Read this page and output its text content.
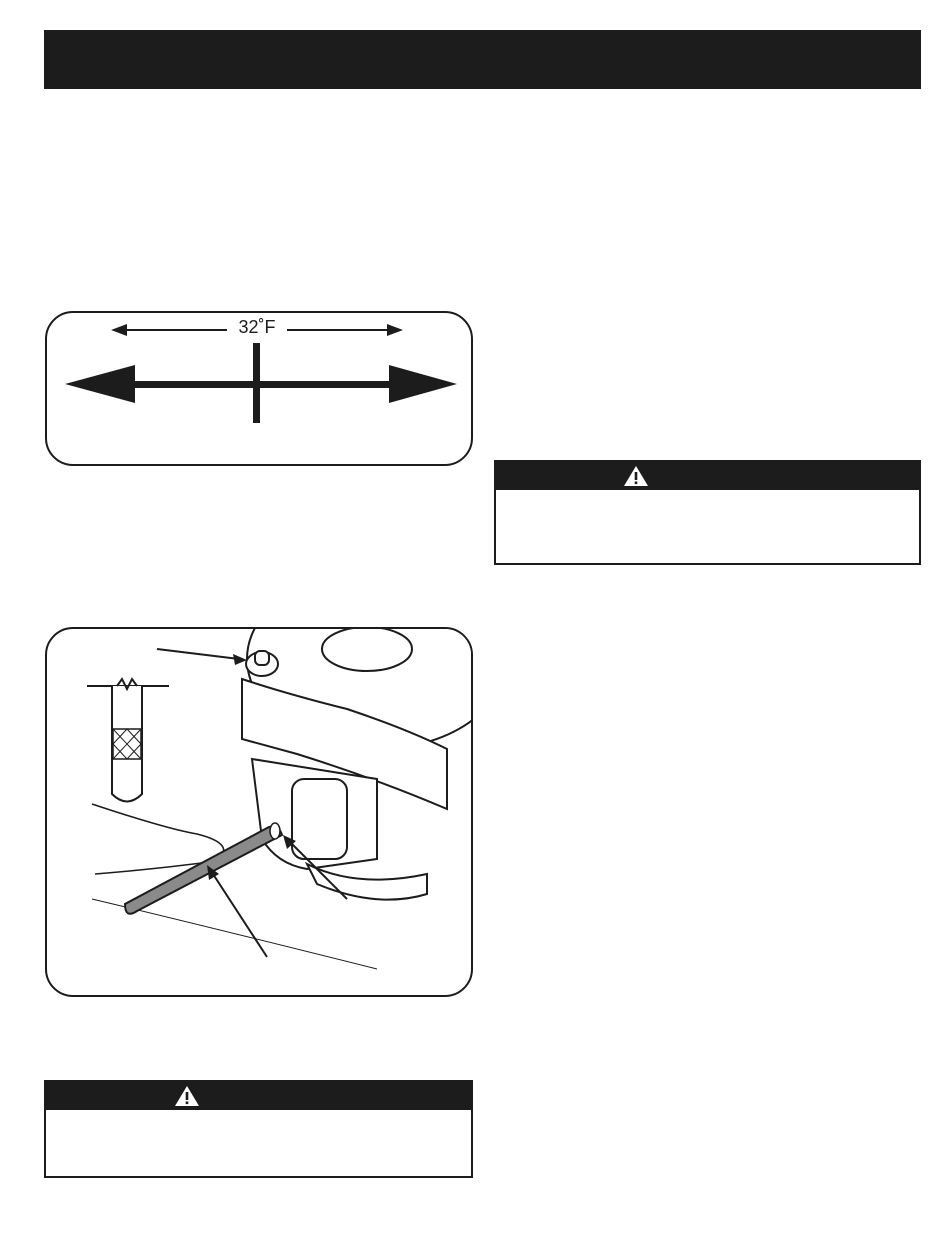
32˚F
